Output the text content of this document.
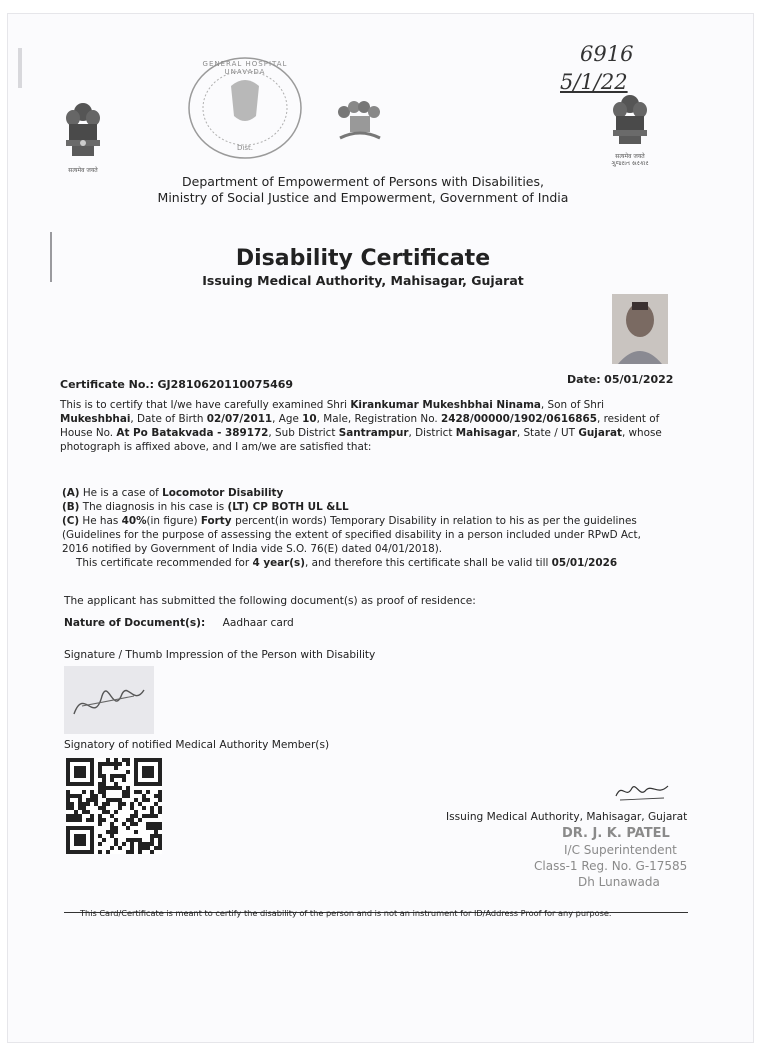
6916
5/1/22
सत्यमेव जयते
GENERAL HOSPITAL UNAVADA
Dist.
सत्यमेव जयते
ગુજરાત સરકાર
Department of Empowerment of Persons with Disabilities,
Ministry of Social Justice and Empowerment, Government of India
Disability Certificate
Issuing Medical Authority, Mahisagar, Gujarat
Certificate No.: GJ2810620110075469	Date: 05/01/2022
This is to certify that I/we have carefully examined Shri Kirankumar Mukeshbhai Ninama, Son of Shri Mukeshbhai, Date of Birth 02/07/2011, Age 10, Male, Registration No. 2428/00000/1902/0616865, resident of House No. At Po Batakvada - 389172, Sub District Santrampur, District Mahisagar, State / UT Gujarat, whose photograph is affixed above, and I am/we are satisfied that:
(A) He is a case of Locomotor Disability
(B) The diagnosis in his case is (LT) CP BOTH UL &LL
(C) He has 40%(in figure) Forty percent(in words) Temporary Disability in relation to his as per the guidelines (Guidelines for the purpose of assessing the extent of specified disability in a person included under RPwD Act, 2016 notified by Government of India vide S.O. 76(E) dated 04/01/2018).
This certificate recommended for 4 year(s), and therefore this certificate shall be valid till 05/01/2026
The applicant has submitted the following document(s) as proof of residence:
Nature of Document(s): Aadhaar card
Signature / Thumb Impression of the Person with Disability
Signatory of notified Medical Authority Member(s)
Issuing Medical Authority, Mahisagar, Gujarat
DR. J. K. PATEL
I/C Superintendent
Class-1 Reg. No. G-17585
Dh Lunawada
This Card/Certificate is meant to certify the disability of the person and is not an instrument for ID/Address Proof for any purpose.
